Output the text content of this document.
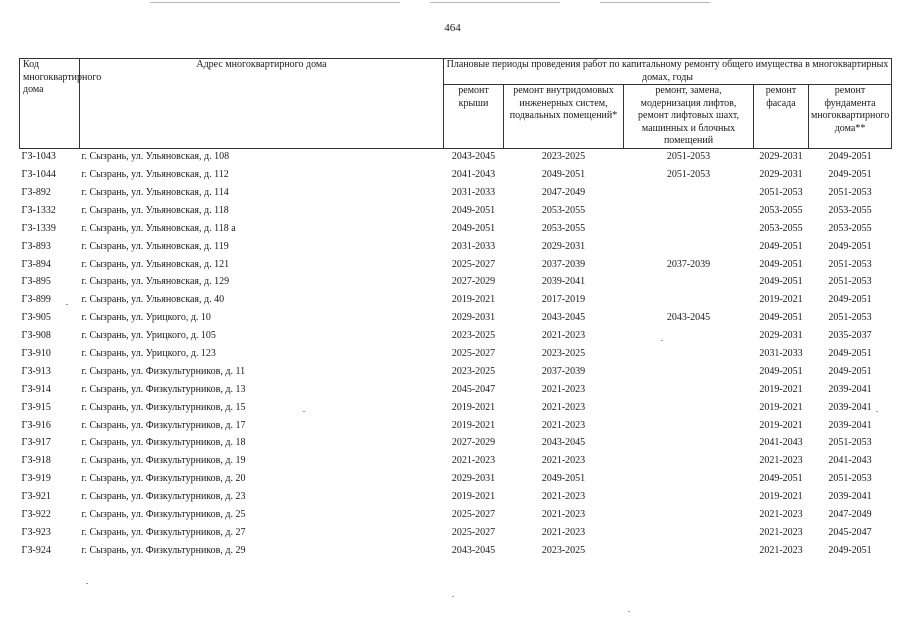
464
Код многоквартирного дома	Адрес многоквартирного дома	Плановые периоды проведения работ по капитальному ремонту общего имущества в многоквартирных домах, годы				
		ремонт крыши	ремонт внутридомовых инженерных систем, подвальных помещений*	ремонт, замена, модернизация лифтов, ремонт лифтовых шахт, машинных и блочных помещений	ремонт фасада	ремонт фундамента многоквартирного дома**
ГЗ-1043	г. Сызрань, ул. Ульяновская, д. 108	2043-2045	2023-2025	2051-2053	2029-2031	2049-2051
ГЗ-1044	г. Сызрань, ул. Ульяновская, д. 112	2041-2043	2049-2051	2051-2053	2029-2031	2049-2051
ГЗ-892	г. Сызрань, ул. Ульяновская, д. 114	2031-2033	2047-2049		2051-2053	2051-2053
ГЗ-1332	г. Сызрань, ул. Ульяновская, д. 118	2049-2051	2053-2055		2053-2055	2053-2055
ГЗ-1339	г. Сызрань, ул. Ульяновская, д. 118 а	2049-2051	2053-2055		2053-2055	2053-2055
ГЗ-893	г. Сызрань, ул. Ульяновская, д. 119	2031-2033	2029-2031		2049-2051	2049-2051
ГЗ-894	г. Сызрань, ул. Ульяновская, д. 121	2025-2027	2037-2039	2037-2039	2049-2051	2051-2053
ГЗ-895	г. Сызрань, ул. Ульяновская, д. 129	2027-2029	2039-2041		2049-2051	2051-2053
ГЗ-899	г. Сызрань, ул. Ульяновская, д. 40	2019-2021	2017-2019		2019-2021	2049-2051
ГЗ-905	г. Сызрань, ул. Урицкого, д. 10	2029-2031	2043-2045	2043-2045	2049-2051	2051-2053
ГЗ-908	г. Сызрань, ул. Урицкого, д. 105	2023-2025	2021-2023		2029-2031	2035-2037
ГЗ-910	г. Сызрань, ул. Урицкого, д. 123	2025-2027	2023-2025		2031-2033	2049-2051
ГЗ-913	г. Сызрань, ул. Физкультурников, д. 11	2023-2025	2037-2039		2049-2051	2049-2051
ГЗ-914	г. Сызрань, ул. Физкультурников, д. 13	2045-2047	2021-2023		2019-2021	2039-2041
ГЗ-915	г. Сызрань, ул. Физкультурников, д. 15	2019-2021	2021-2023		2019-2021	2039-2041
ГЗ-916	г. Сызрань, ул. Физкультурников, д. 17	2019-2021	2021-2023		2019-2021	2039-2041
ГЗ-917	г. Сызрань, ул. Физкультурников, д. 18	2027-2029	2043-2045		2041-2043	2051-2053
ГЗ-918	г. Сызрань, ул. Физкультурников, д. 19	2021-2023	2021-2023		2021-2023	2041-2043
ГЗ-919	г. Сызрань, ул. Физкультурников, д. 20	2029-2031	2049-2051		2049-2051	2051-2053
ГЗ-921	г. Сызрань, ул. Физкультурников, д. 23	2019-2021	2021-2023		2019-2021	2039-2041
ГЗ-922	г. Сызрань, ул. Физкультурников, д. 25	2025-2027	2021-2023		2021-2023	2047-2049
ГЗ-923	г. Сызрань, ул. Физкультурников, д. 27	2025-2027	2021-2023		2021-2023	2045-2047
ГЗ-924	г. Сызрань, ул. Физкультурников, д. 29	2043-2045	2023-2025		2021-2023	2049-2051
